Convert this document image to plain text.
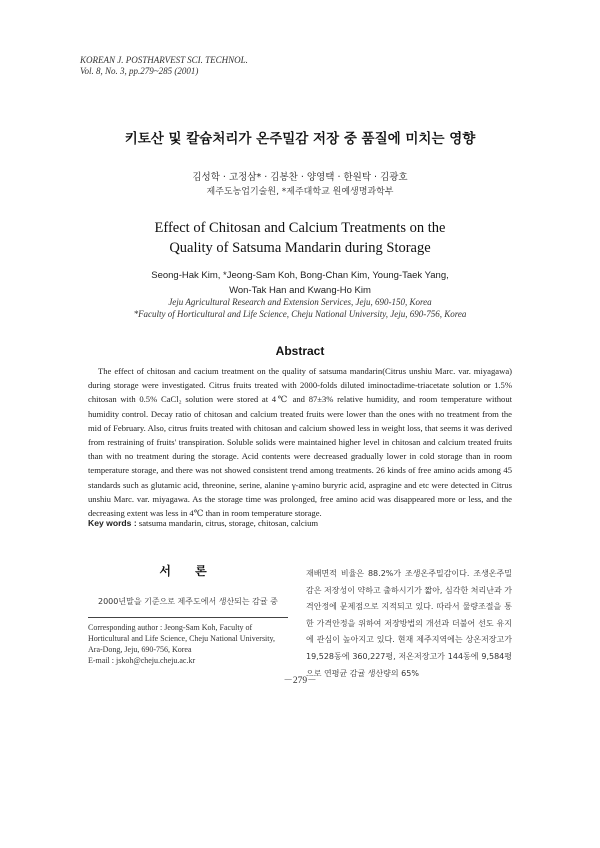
KOREAN J. POSTHARVEST SCI. TECHNOL.
Vol. 8, No. 3, pp.279~285 (2001)
키토산 및 칼슘처리가 온주밀감 저장 중 품질에 미치는 영향
김성학 · 고정삼* · 김봉찬 · 양영택 · 한원탁 · 김광호
제주도농업기술원, *제주대학교 원예생명과학부
Effect of Chitosan and Calcium Treatments on the
Quality of Satsuma Mandarin during Storage
Seong-Hak Kim, *Jeong-Sam Koh, Bong-Chan Kim, Young-Taek Yang,
Won-Tak Han and Kwang-Ho Kim
Jeju Agricultural Research and Extension Services, Jeju, 690-150, Korea
*Faculty of Horticultural and Life Science, Cheju National University, Jeju, 690-756, Korea
Abstract
The effect of chitosan and cacium treatment on the quality of satsuma mandarin(Citrus unshiu Marc. var. miyagawa) during storage were investigated. Citrus fruits treated with 2000-folds diluted iminoctadime-triacetate solution or 1.5% chitosan with 0.5% CaCl₂ solution were stored at 4℃ and 87±3% relative humidity, and room temperature without humidity control. Decay ratio of chitosan and calcium treated fruits were lower than the ones with no treatment from the mid of February. Also, citrus fruits treated with chitosan and calcium showed less in weight loss, that seems it was derived from restraining of fruits' transpiration. Soluble solids were maintained higher level in chitosan and calcium treated fruits than with no treatment during the storage. Acid contents were decreased gradually lower in cold storage than in room temperature storage, and there was not showed consistent trend among treatments. 26 kinds of free amino acids among 45 standards such as glutamic acid, threonine, serine, alanine γ-amino buryric acid, aspragine and etc were detected in Citrus unshiu Marc. var. miyagawa. As the storage time was prolonged, free amino acid was disappeared more or less, and the decreasing extent was less in 4℃ than in room temperature storage.
Key words : satsuma mandarin, citrus, storage, chitosan, calcium
서 론
2000년말을 기준으로 제주도에서 생산되는 감귤 중
Corresponding author : Jeong-Sam Koh, Faculty of
Horticultural and Life Science, Cheju National University,
Ara-Dong, Jeju, 690-756, Korea
E-mail : jskoh@cheju.cheju.ac.kr
재배면적 비율은 88.2%가 조생온주밀감이다. 조생온주밀감은 저장성이 약하고 출하시기가 짧아, 심각한 처리난과 가격안정에 문제점으로 지적되고 있다. 따라서 물량조절을 통한 가격안정을 위하여 저장방법의 개선과 더불어 선도 유지에 관심이 높아지고 있다. 현재 제주지역에는 상온저장고가 19,528동에 360,227평, 저온저장고가 144동에 9,584평으로 연평균 감귤 생산량의 65%
－279－
